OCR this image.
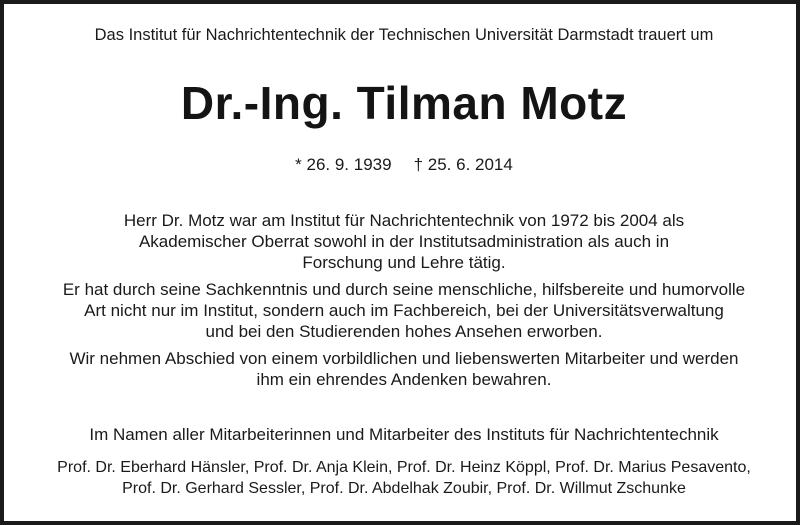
Das Institut für Nachrichtentechnik der Technischen Universität Darmstadt trauert um
Dr.-Ing. Tilman Motz
* 26. 9. 1939 † 25. 6. 2014
Herr Dr. Motz war am Institut für Nachrichtentechnik von 1972 bis 2004 als
Akademischer Oberrat sowohl in der Institutsadministration als auch in
Forschung und Lehre tätig.
Er hat durch seine Sachkenntnis und durch seine menschliche, hilfsbereite und humorvolle
Art nicht nur im Institut, sondern auch im Fachbereich, bei der Universitätsverwaltung
und bei den Studierenden hohes Ansehen erworben.
Wir nehmen Abschied von einem vorbildlichen und liebenswerten Mitarbeiter und werden
ihm ein ehrendes Andenken bewahren.
Im Namen aller Mitarbeiterinnen und Mitarbeiter des Instituts für Nachrichtentechnik
Prof. Dr. Eberhard Hänsler, Prof. Dr. Anja Klein, Prof. Dr. Heinz Köppl, Prof. Dr. Marius Pesavento,
Prof. Dr. Gerhard Sessler, Prof. Dr. Abdelhak Zoubir, Prof. Dr. Willmut Zschunke
